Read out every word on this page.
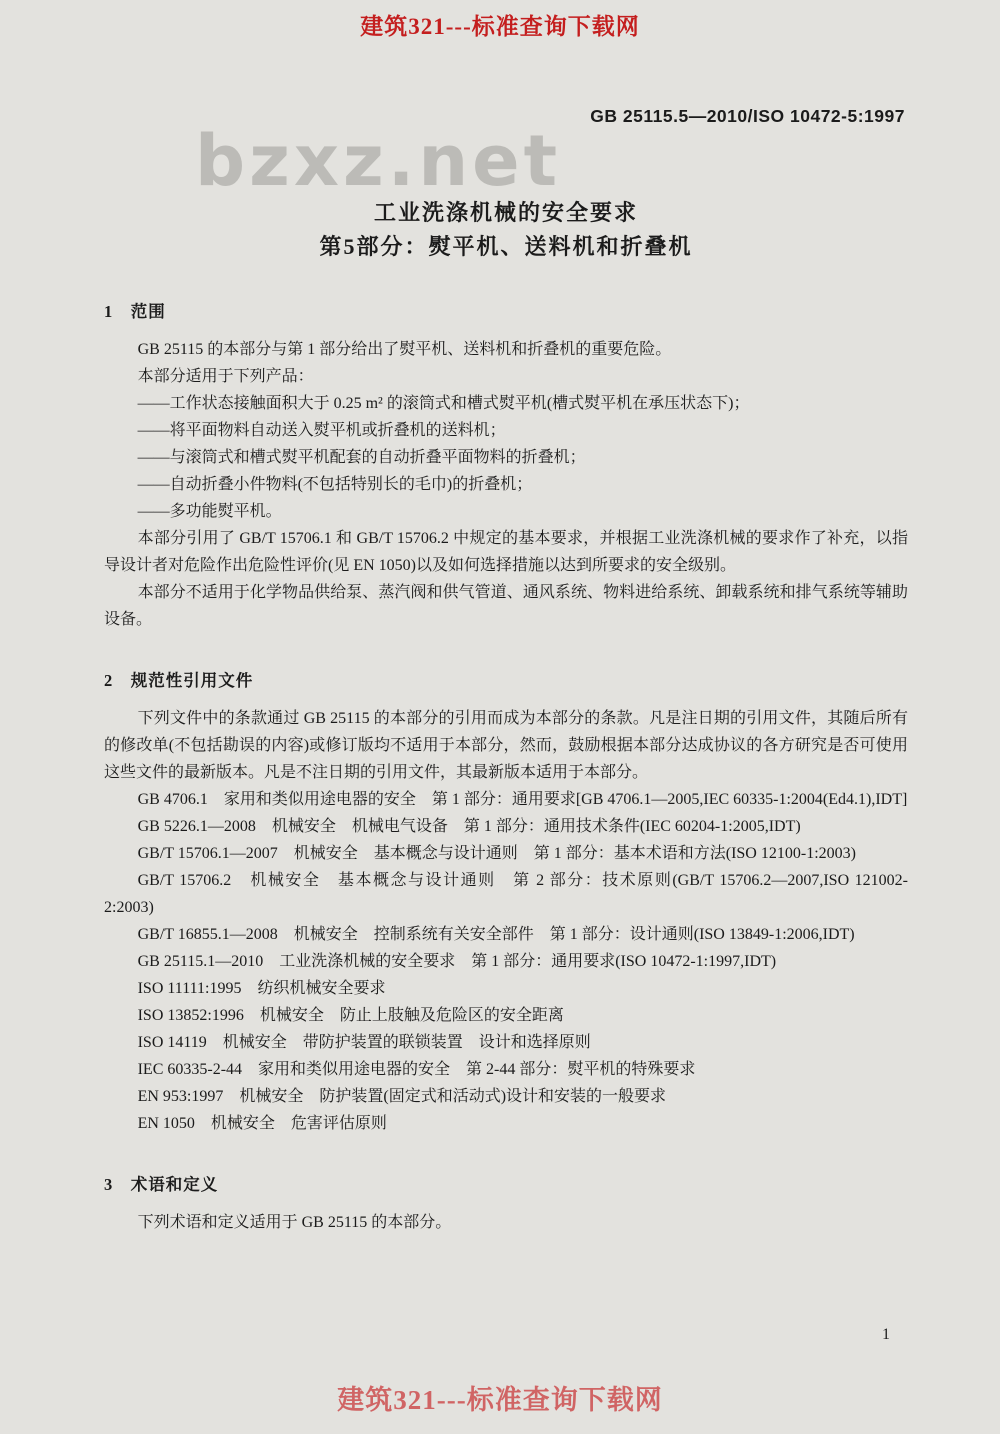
建筑321---标准查询下载网
GB 25115.5—2010/ISO 10472-5:1997
bzxz.net
工业洗涤机械的安全要求
第5部分：熨平机、送料机和折叠机
1　范围

GB 25115 的本部分与第 1 部分给出了熨平机、送料机和折叠机的重要危险。

本部分适用于下列产品：

——工作状态接触面积大于 0.25 m² 的滚筒式和槽式熨平机(槽式熨平机在承压状态下)；

——将平面物料自动送入熨平机或折叠机的送料机；

——与滚筒式和槽式熨平机配套的自动折叠平面物料的折叠机；

——自动折叠小件物料(不包括特别长的毛巾)的折叠机；

——多功能熨平机。

本部分引用了 GB/T 15706.1 和 GB/T 15706.2 中规定的基本要求，并根据工业洗涤机械的要求作了补充，以指导设计者对危险作出危险性评价(见 EN 1050)以及如何选择措施以达到所要求的安全级别。

本部分不适用于化学物品供给泵、蒸汽阀和供气管道、通风系统、物料进给系统、卸载系统和排气系统等辅助设备。

2　规范性引用文件

下列文件中的条款通过 GB 25115 的本部分的引用而成为本部分的条款。凡是注日期的引用文件，其随后所有的修改单(不包括勘误的内容)或修订版均不适用于本部分，然而，鼓励根据本部分达成协议的各方研究是否可使用这些文件的最新版本。凡是不注日期的引用文件，其最新版本适用于本部分。

GB 4706.1　家用和类似用途电器的安全　第 1 部分：通用要求[GB 4706.1—2005,IEC 60335-1:2004(Ed4.1),IDT]

GB 5226.1—2008　机械安全　机械电气设备　第 1 部分：通用技术条件(IEC 60204-1:2005,IDT)

GB/T 15706.1—2007　机械安全　基本概念与设计通则　第 1 部分：基本术语和方法(ISO 12100-1:2003)

GB/T 15706.2　机械安全　基本概念与设计通则　第 2 部分：技术原则(GB/T 15706.2—2007,ISO 121002-2:2003)

GB/T 16855.1—2008　机械安全　控制系统有关安全部件　第 1 部分：设计通则(ISO 13849-1:2006,IDT)

GB 25115.1—2010　工业洗涤机械的安全要求　第 1 部分：通用要求(ISO 10472-1:1997,IDT)

ISO 11111:1995　纺织机械安全要求

ISO 13852:1996　机械安全　防止上肢触及危险区的安全距离

ISO 14119　机械安全　带防护装置的联锁装置　设计和选择原则

IEC 60335-2-44　家用和类似用途电器的安全　第 2-44 部分：熨平机的特殊要求

EN 953:1997　机械安全　防护装置(固定式和活动式)设计和安装的一般要求

EN 1050　机械安全　危害评估原则

3　术语和定义

下列术语和定义适用于 GB 25115 的本部分。

1
建筑321---标准查询下载网
